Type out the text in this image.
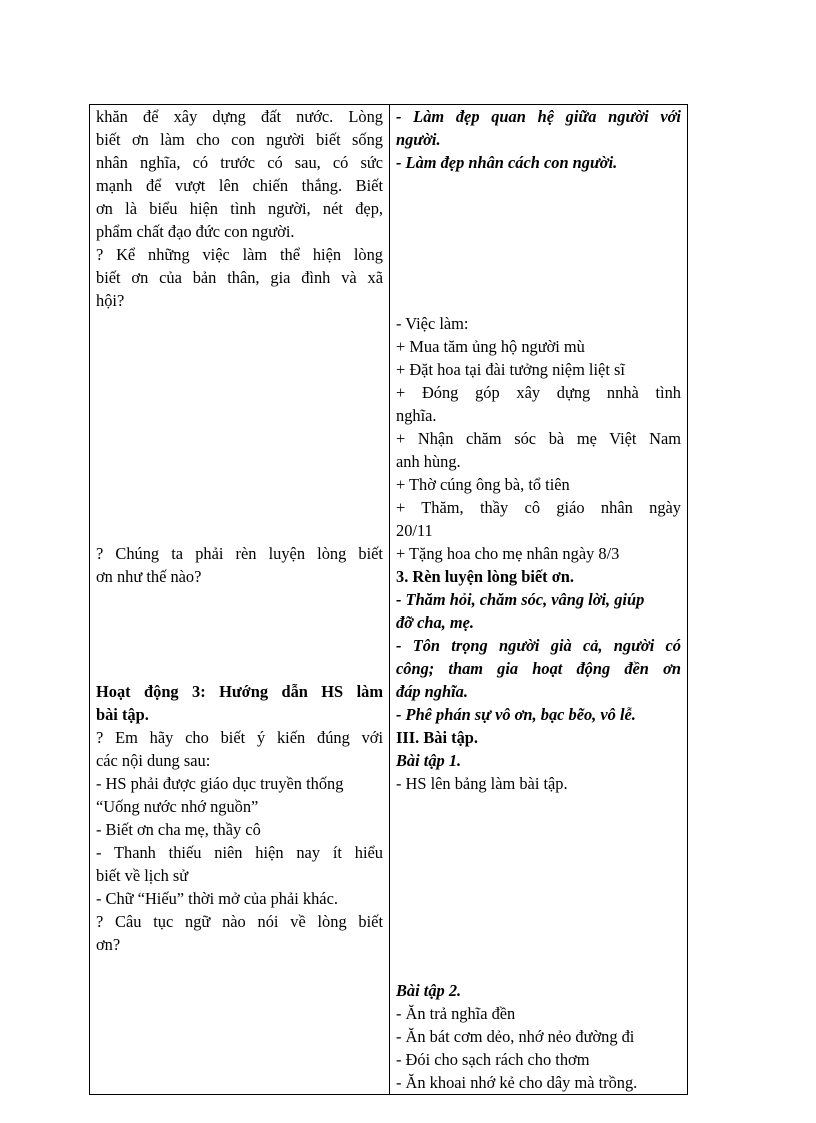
khăn để xây dựng đất nước. Lòng
biết ơn làm cho con người biết sống
nhân nghĩa, có trước có sau, có sức
mạnh để vượt lên chiến thắng. Biết
ơn là biểu hiện tình người, nét đẹp,
phẩm chất đạo đức con người.
? Kể những việc làm thể hiện lòng
biết ơn của bản thân, gia đình và xã
hội?
? Chúng ta phải rèn luyện lòng biết
ơn như thế nào?
Hoạt động 3: Hướng dẫn HS làm
bài tập.
? Em hãy cho biết ý kiến đúng với
các nội dung sau:
- HS phải được giáo dục truyền thống
“Uống nước nhớ nguồn”
- Biết ơn cha mẹ, thầy cô
- Thanh thiếu niên hiện nay ít hiểu
biết về lịch sử
- Chữ “Hiếu” thời mở của phải khác.
? Câu tục ngữ nào nói về lòng biết
ơn?

- Làm đẹp quan hệ giữa người với
người.
- Làm đẹp nhân cách con người.
- Việc làm:
+ Mua tăm ủng hộ người mù
+ Đặt hoa tại đài tưởng niệm liệt sĩ
+ Đóng góp xây dựng nnhà tình
nghĩa.
+ Nhận chăm sóc bà mẹ Việt Nam
anh hùng.
+ Thờ cúng ông bà, tổ tiên
+ Thăm, thầy cô giáo nhân ngày
20/11
+ Tặng hoa cho mẹ nhân ngày 8/3
3. Rèn luyện lòng biết ơn.
- Thăm hỏi, chăm sóc, vâng lời, giúp
đỡ cha, mẹ.
- Tôn trọng người già cả, người có
công; tham gia hoạt động đền ơn
đáp nghĩa.
- Phê phán sự vô ơn, bạc bẽo, vô lễ.
III. Bài tập.
Bài tập 1.
- HS lên bảng làm bài tập.
Bài tập 2.
- Ăn trả nghĩa đền
- Ăn bát cơm dẻo, nhớ nẻo đường đi
- Đói cho sạch rách cho thơm
- Ăn khoai nhớ kẻ cho dây mà trồng.
